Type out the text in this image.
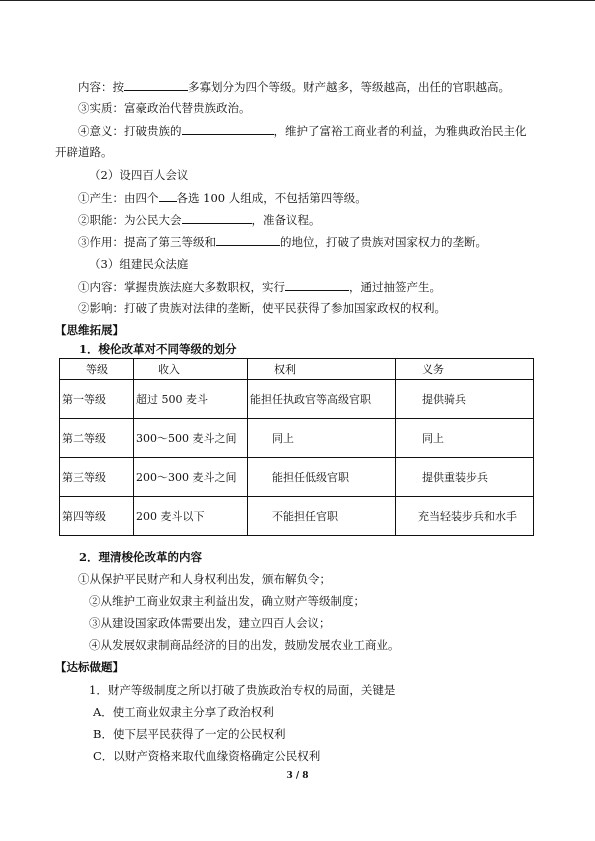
内容：按	多寡划分为四个等级。财产越多，等级越高，出任的官职越高。
③实质：富豪政治代替贵族政治。
④意义：打破贵族的	，维护了富裕工商业者的利益，为雅典政治民主化
开辟道路。
（2）设四百人会议
①产生：由四个 各选 100 人组成，不包括第四等级。
②职能：为公民大会	，准备议程。
③作用：提高了第三等级和	的地位，打破了贵族对国家权力的垄断。
（3）组建民众法庭
①内容：掌握贵族法庭大多数职权，实行	，通过抽签产生。
②影响：打破了贵族对法律的垄断，使平民获得了参加国家政权的权利。
【思维拓展】
1．梭伦改革对不同等级的划分
等级	收入	权利	义务
第一等级	超过 500 麦斗	能担任执政官等高级官职	提供骑兵
第二等级	300～500 麦斗之间	同上	同上
第三等级	200～300 麦斗之间	能担任低级官职	提供重装步兵
第四等级	200 麦斗以下	不能担任官职	充当轻装步兵和水手
2．理清梭伦改革的内容
①从保护平民财产和人身权利出发，颁布解负令；
②从维护工商业奴隶主利益出发，确立财产等级制度；
③从建设国家政体需要出发，建立四百人会议；
④从发展奴隶制商品经济的目的出发，鼓励发展农业工商业。
【达标做题】
1．财产等级制度之所以打破了贵族政治专权的局面，关键是
A．使工商业奴隶主分享了政治权利
B．使下层平民获得了一定的公民权利
C．以财产资格来取代血缘资格确定公民权利
3 / 8
